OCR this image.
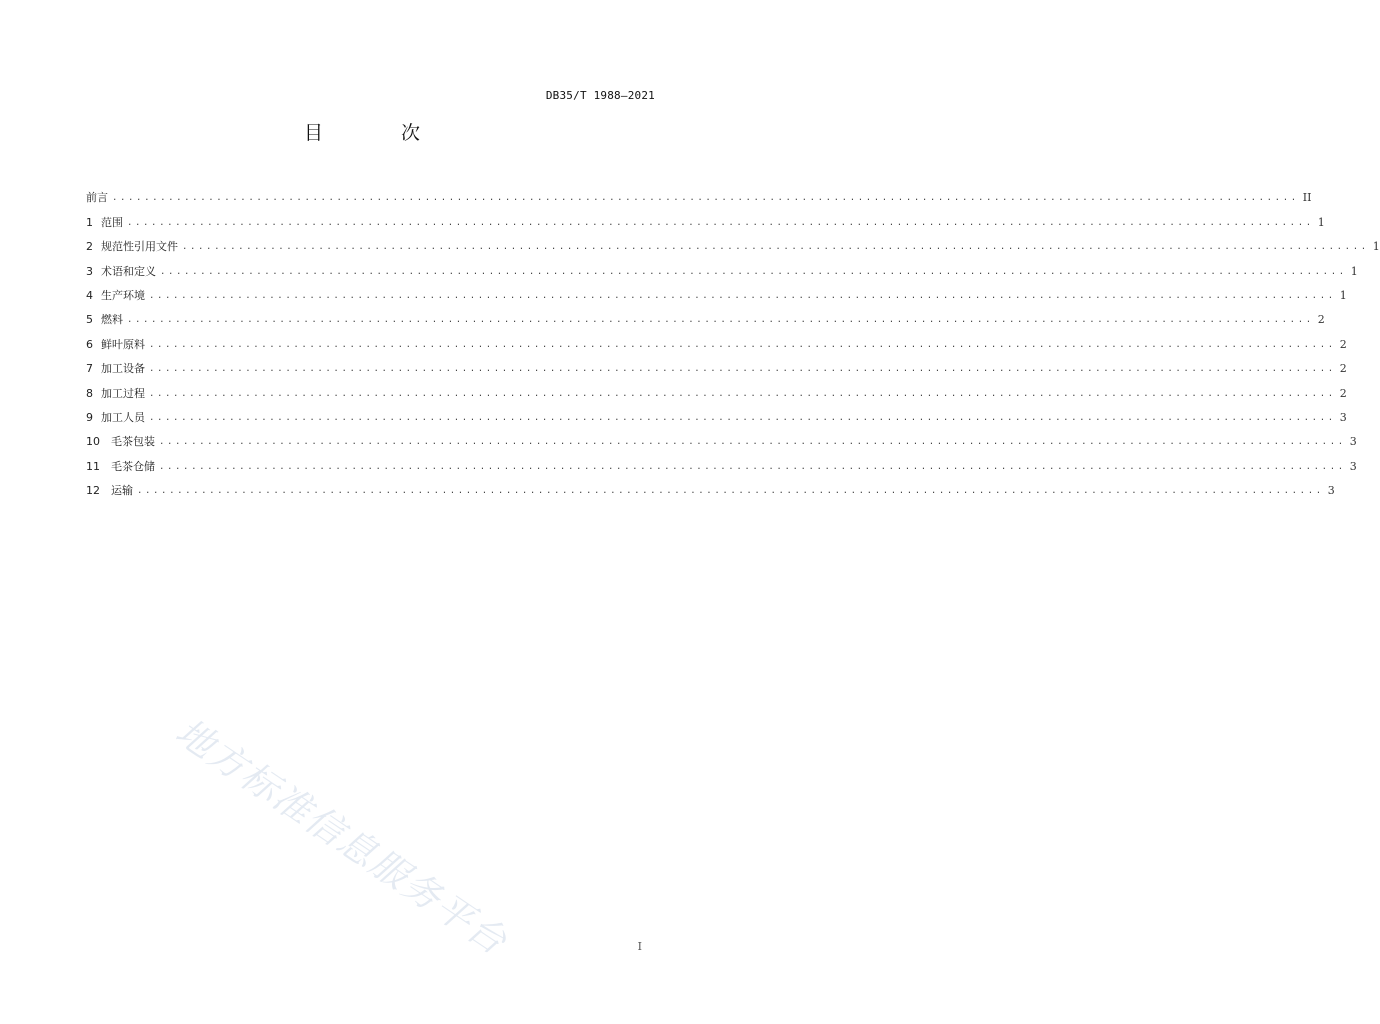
DB35/T 1988—2021
目 次
前言 .................................................................................................................................................... II
1 范围 .................................................................................................................................................... 1
2 规范性引用文件 .................................................................................................................................................... 1
3 术语和定义 .................................................................................................................................................... 1
4 生产环境 .................................................................................................................................................... 1
5 燃料 .................................................................................................................................................... 2
6 鲜叶原料 .................................................................................................................................................... 2
7 加工设备 .................................................................................................................................................... 2
8 加工过程 .................................................................................................................................................... 2
9 加工人员 .................................................................................................................................................... 3
10 毛茶包装 .................................................................................................................................................... 3
11 毛茶仓储 .................................................................................................................................................... 3
12 运输 .................................................................................................................................................... 3
地方标准信息服务平台	I
